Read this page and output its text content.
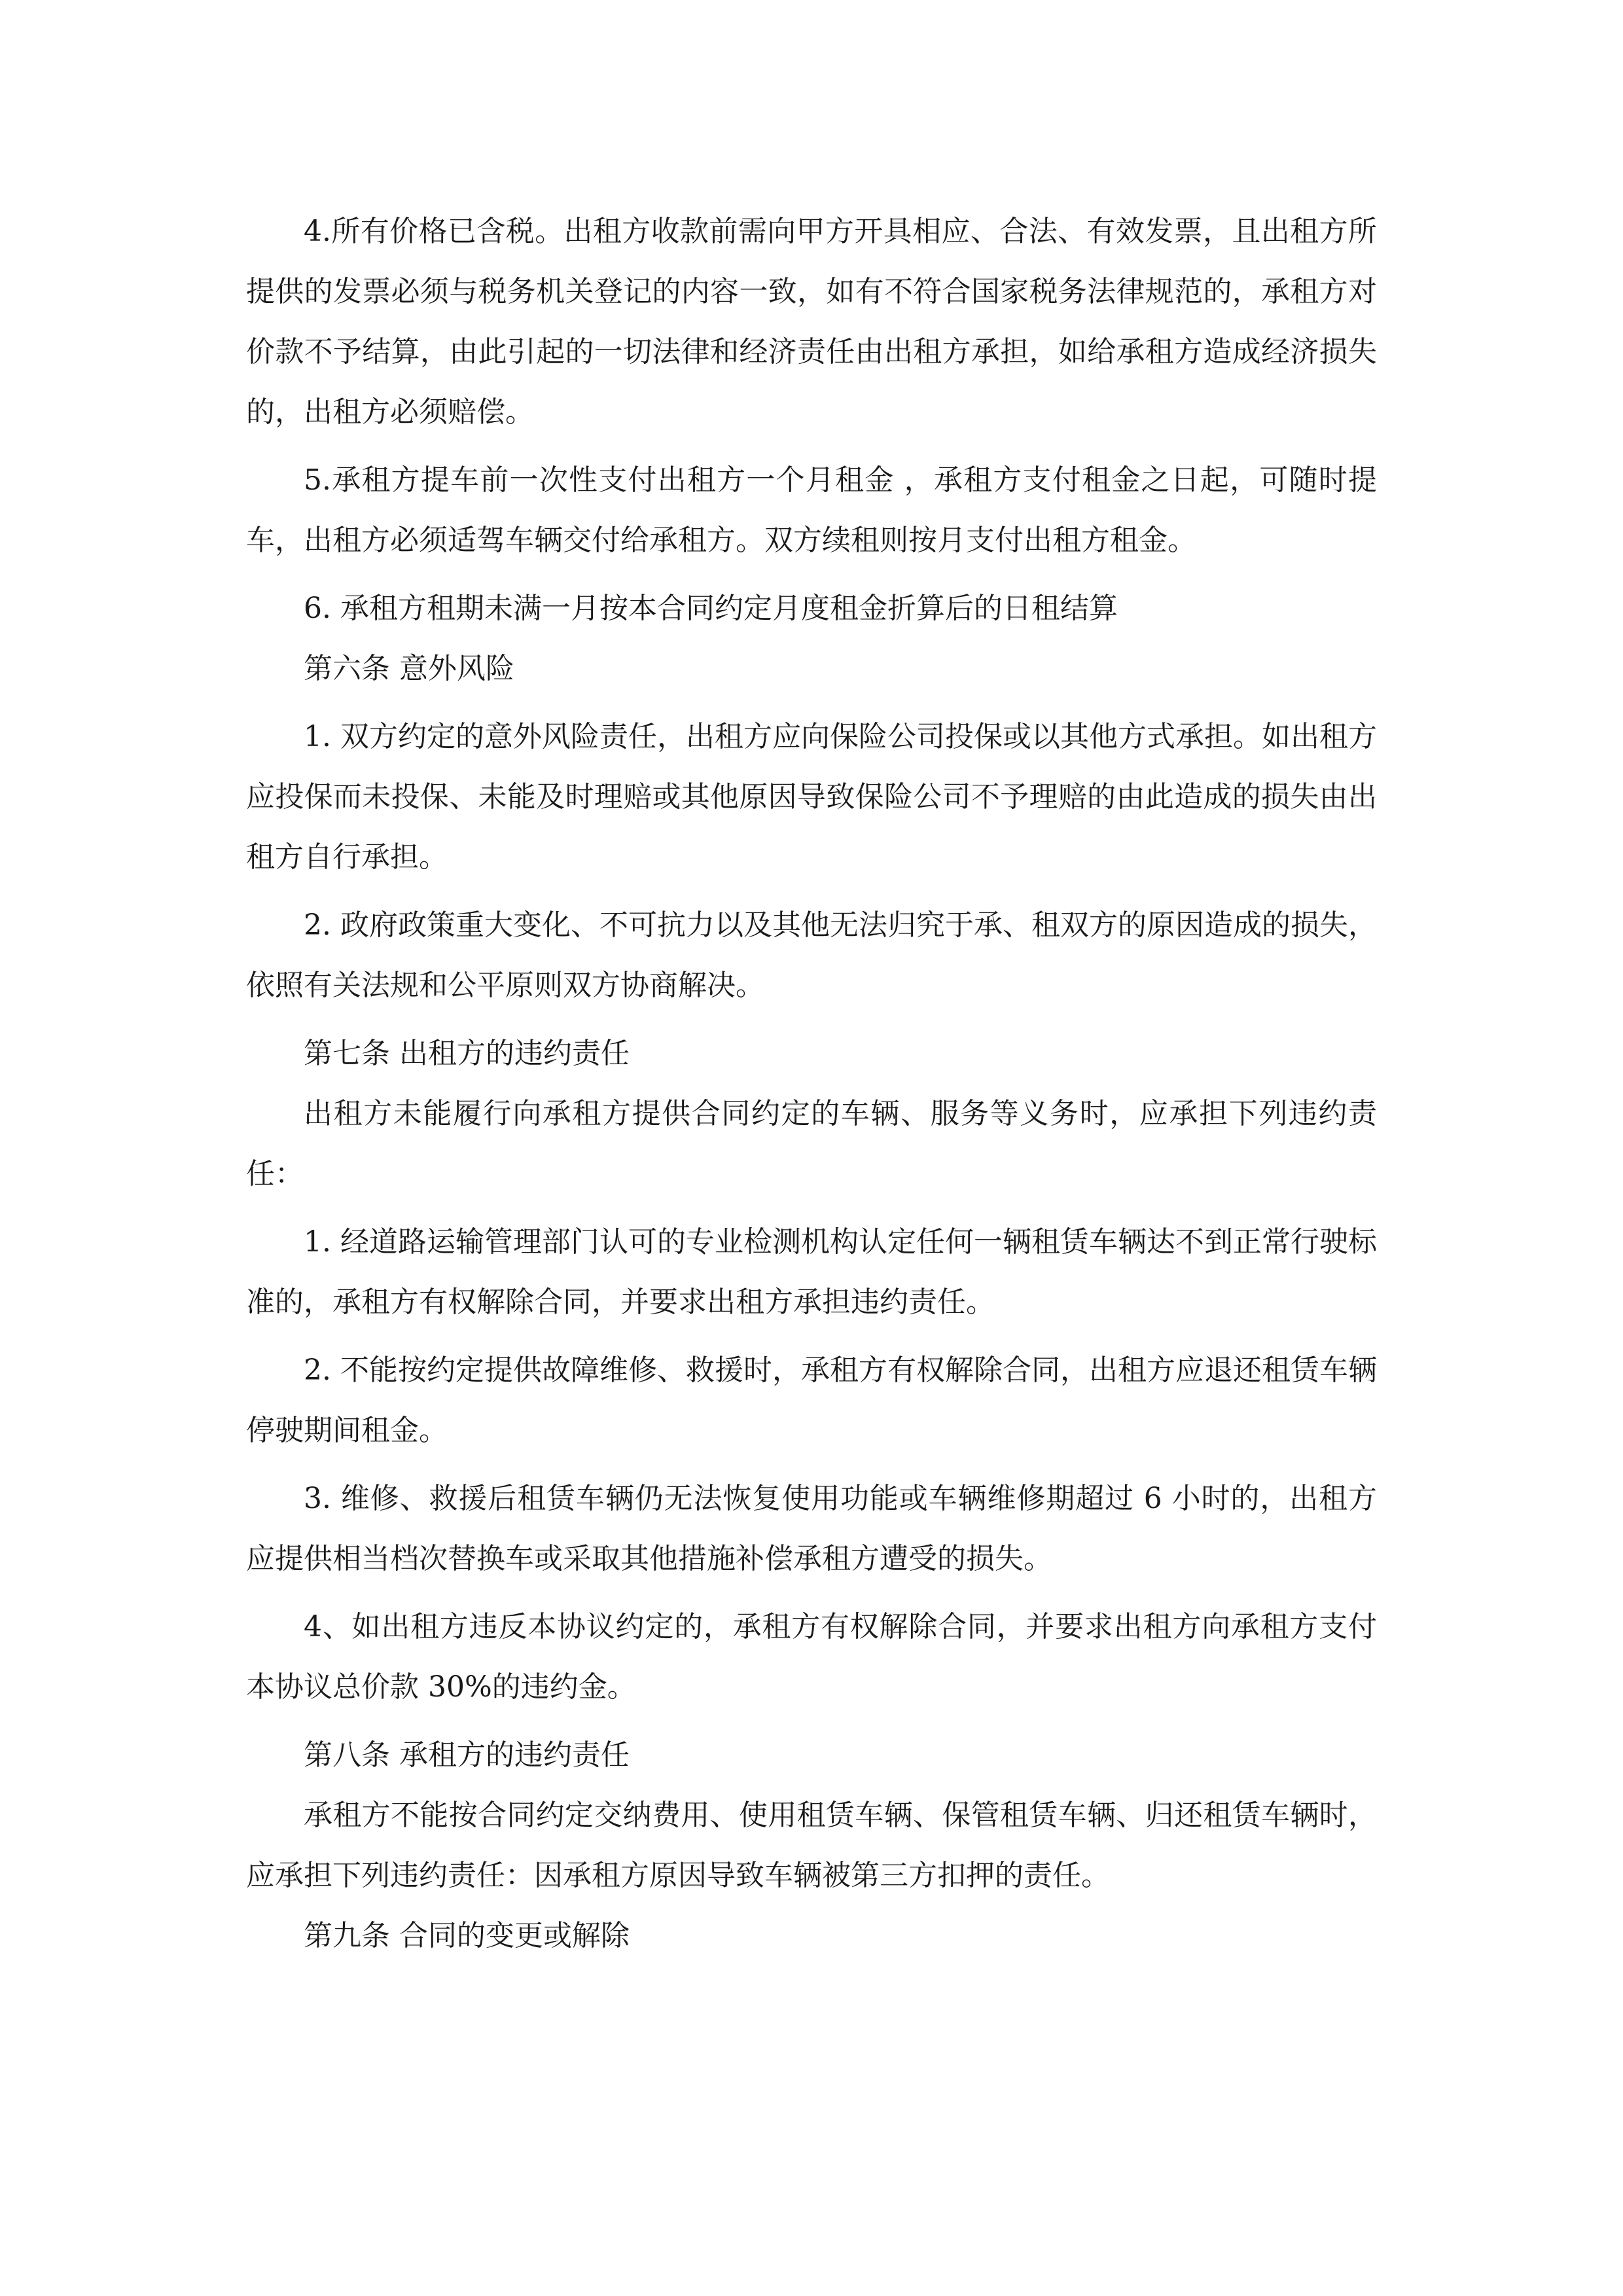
4.所有价格已含税。出租方收款前需向甲方开具相应、合法、有效发票，且出租方所提供的发票必须与税务机关登记的内容一致，如有不符合国家税务法律规范的，承租方对价款不予结算，由此引起的一切法律和经济责任由出租方承担，如给承租方造成经济损失的，出租方必须赔偿。

5.承租方提车前一次性支付出租方一个月租金 ，承租方支付租金之日起，可随时提车，出租方必须适驾车辆交付给承租方。双方续租则按月支付出租方租金。

6. 承租方租期未满一月按本合同约定月度租金折算后的日租结算

第六条 意外风险

1. 双方约定的意外风险责任，出租方应向保险公司投保或以其他方式承担。如出租方应投保而未投保、未能及时理赔或其他原因导致保险公司不予理赔的由此造成的损失由出租方自行承担。

2. 政府政策重大变化、不可抗力以及其他无法归究于承、租双方的原因造成的损失，依照有关法规和公平原则双方协商解决。

第七条 出租方的违约责任

出租方未能履行向承租方提供合同约定的车辆、服务等义务时，应承担下列违约责任：

1. 经道路运输管理部门认可的专业检测机构认定任何一辆租赁车辆达不到正常行驶标准的，承租方有权解除合同，并要求出租方承担违约责任。

2. 不能按约定提供故障维修、救援时，承租方有权解除合同，出租方应退还租赁车辆停驶期间租金。

3. 维修、救援后租赁车辆仍无法恢复使用功能或车辆维修期超过 6 小时的，出租方应提供相当档次替换车或采取其他措施补偿承租方遭受的损失。

4、如出租方违反本协议约定的，承租方有权解除合同，并要求出租方向承租方支付本协议总价款 30%的违约金。

第八条 承租方的违约责任

承租方不能按合同约定交纳费用、使用租赁车辆、保管租赁车辆、归还租赁车辆时，应承担下列违约责任：因承租方原因导致车辆被第三方扣押的责任。

第九条 合同的变更或解除
